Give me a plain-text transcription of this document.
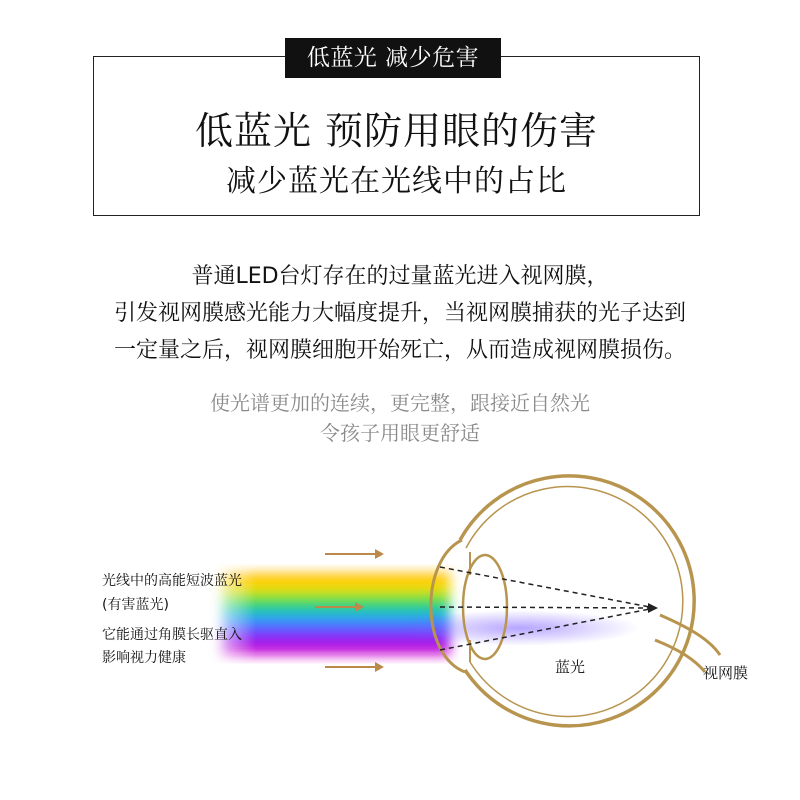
低蓝光 减少危害
低蓝光 预防用眼的伤害
减少蓝光在光线中的占比
普通LED台灯存在的过量蓝光进入视网膜，
引发视网膜感光能力大幅度提升，当视网膜捕获的光子达到
一定量之后，视网膜细胞开始死亡，从而造成视网膜损伤。
使光谱更加的连续，更完整，跟接近自然光
令孩子用眼更舒适
光线中的高能短波蓝光
(有害蓝光)
它能通过角膜长驱直入
影响视力健康	蓝光	视网膜
